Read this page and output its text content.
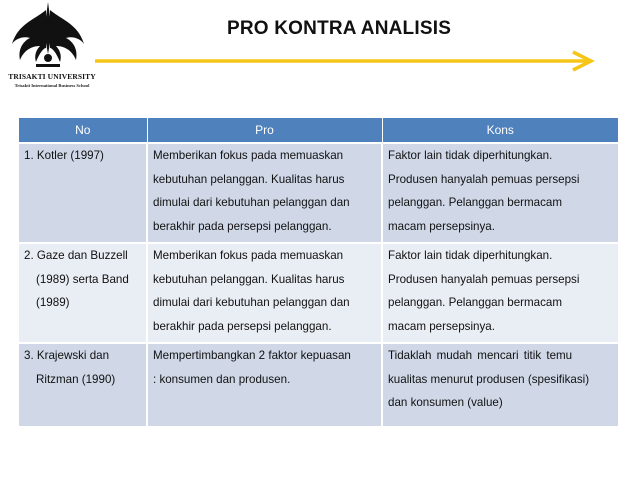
TRISAKTI UNIVERSITY
Trisakti International Business School
PRO KONTRA ANALISIS
No	Pro	Kons

1. Kotler (1997)	Memberikan fokus pada memuaskan
kebutuhan pelanggan. Kualitas harus
dimulai dari kebutuhan pelanggan dan
berakhir pada persepsi pelanggan.	Faktor lain tidak diperhitungkan.
Produsen hanyalah pemuas persepsi
pelanggan. Pelanggan bermacam
macam persepsinya.

2. Gaze dan Buzzell
(1989) serta Band
(1989)	Memberikan fokus pada memuaskan
kebutuhan pelanggan. Kualitas harus
dimulai dari kebutuhan pelanggan dan
berakhir pada persepsi pelanggan.	Faktor lain tidak diperhitungkan.
Produsen hanyalah pemuas persepsi
pelanggan. Pelanggan bermacam
macam persepsinya.

3. Krajewski dan
Ritzman (1990)	Mempertimbangkan 2 faktor kepuasan
: konsumen dan produsen.	Tidaklah mudah mencari titik temu
kualitas menurut produsen (spesifikasi)
dan konsumen (value)
